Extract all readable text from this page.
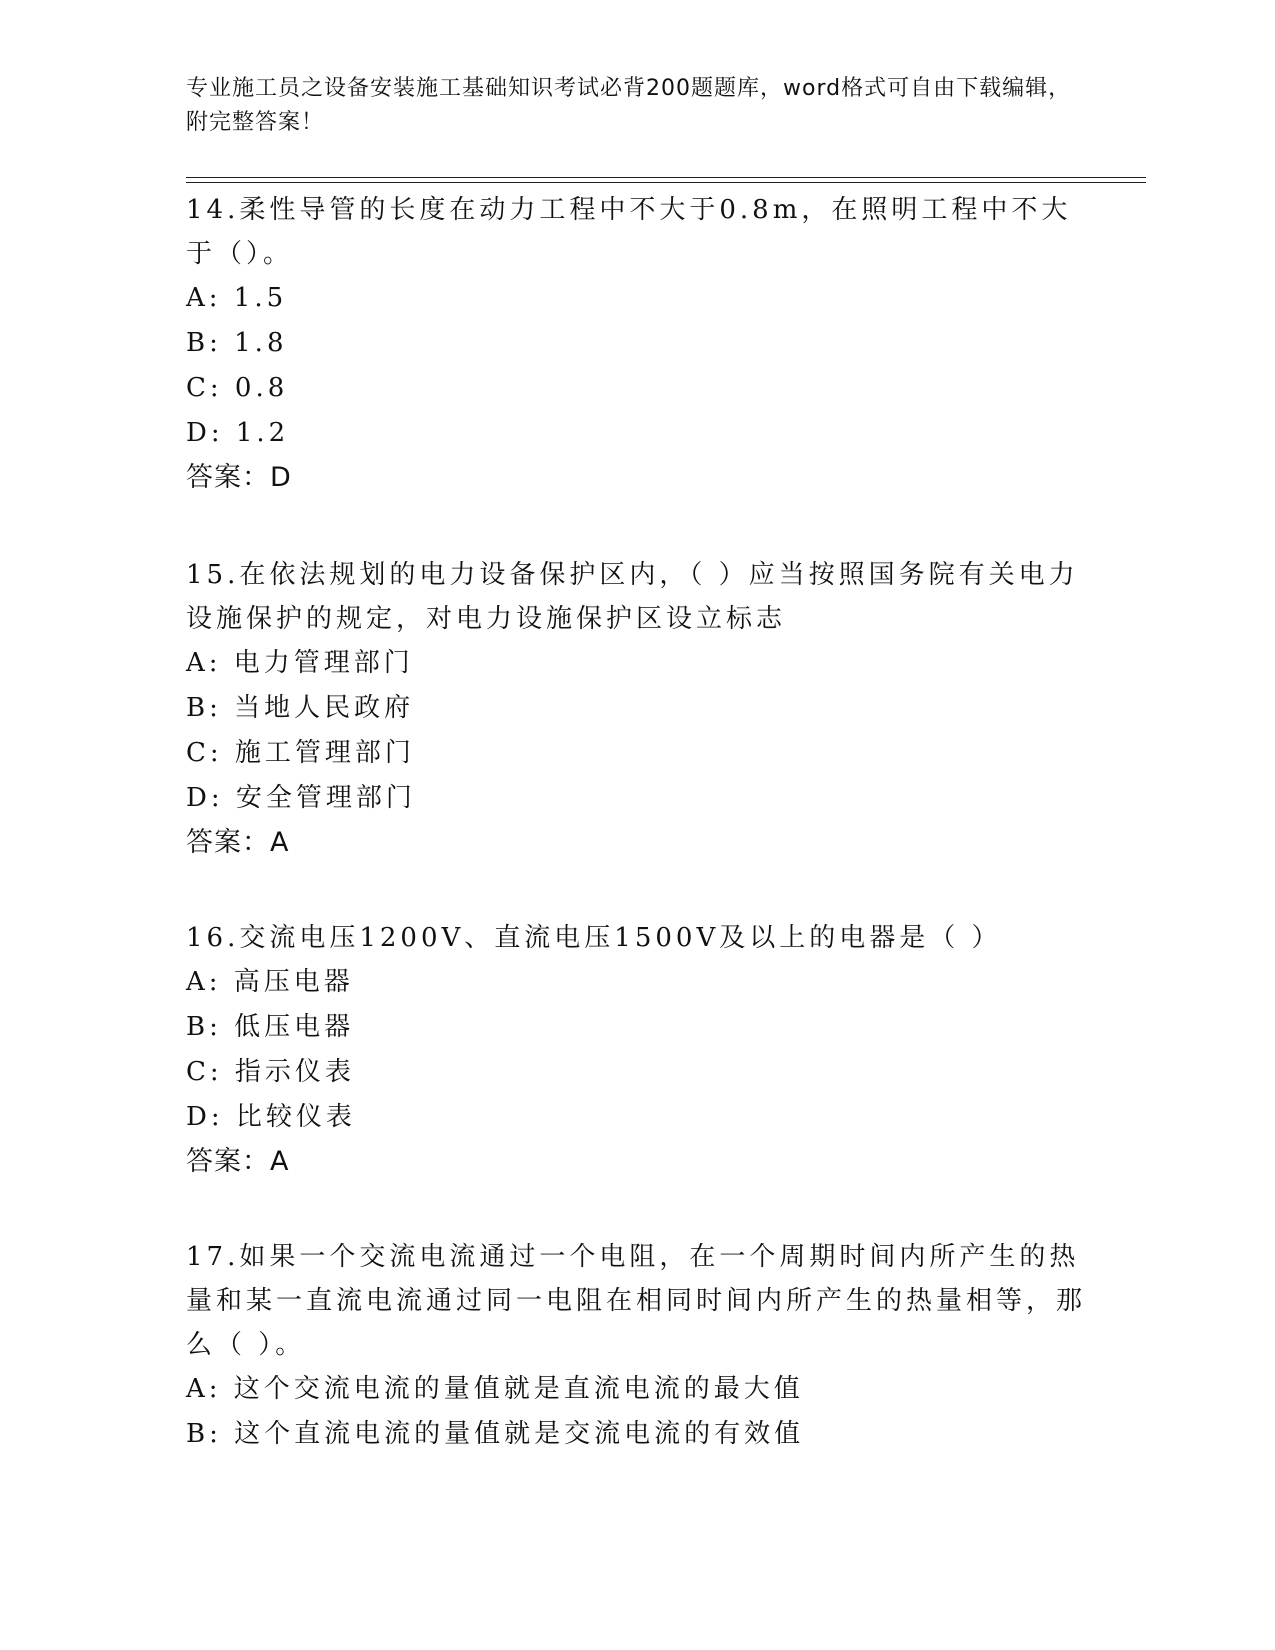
专业施工员之设备安装施工基础知识考试必背200题题库，word格式可自由下载编辑，附完整答案！

14.柔性导管的长度在动力工程中不大于0.8m，在照明工程中不大于（）。

A: 1.5

B: 1.8

C: 0.8

D: 1.2

答案：D

15.在依法规划的电力设备保护区内，（ ）应当按照国务院有关电力设施保护的规定，对电力设施保护区设立标志

A: 电力管理部门

B: 当地人民政府

C: 施工管理部门

D: 安全管理部门

答案：A

16.交流电压1200V、直流电压1500V及以上的电器是（ ）

A: 高压电器

B: 低压电器

C: 指示仪表

D: 比较仪表

答案：A

17.如果一个交流电流通过一个电阻，在一个周期时间内所产生的热量和某一直流电流通过同一电阻在相同时间内所产生的热量相等，那么（ ）。

A: 这个交流电流的量值就是直流电流的最大值

B: 这个直流电流的量值就是交流电流的有效值
